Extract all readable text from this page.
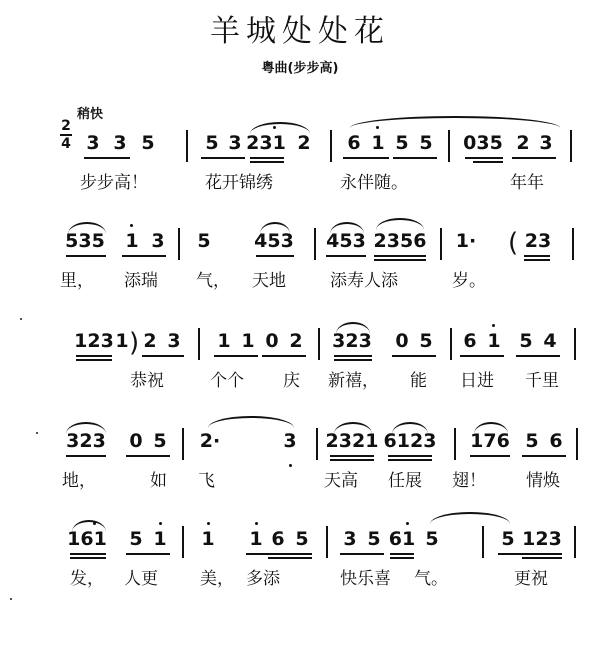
羊城处处花
粤曲(步步高)
稍快
2
4 3 3 5	5 3 231 2 6 1 5 5 035 2 3
步步高！	花开锦绣	永伴随。	年年
535 1 3 5 453 453 2356 1· ( 23
里， 添瑞 气， 天地	添寿人添	岁。
123 1 ) 2 3 1 1 0 2 323 0 5 6 1 5 4
恭祝	个个 庆 新禧， 能 日进 千里
323 0 5 2·	3 2321 6123 176 5 6
地，	如 飞	天高 任展 翅！ 情焕
161 5 1 1 1 6 5 3 5 61 5	5 123
发， 人更 美， 多添	快乐喜 气。	更祝
